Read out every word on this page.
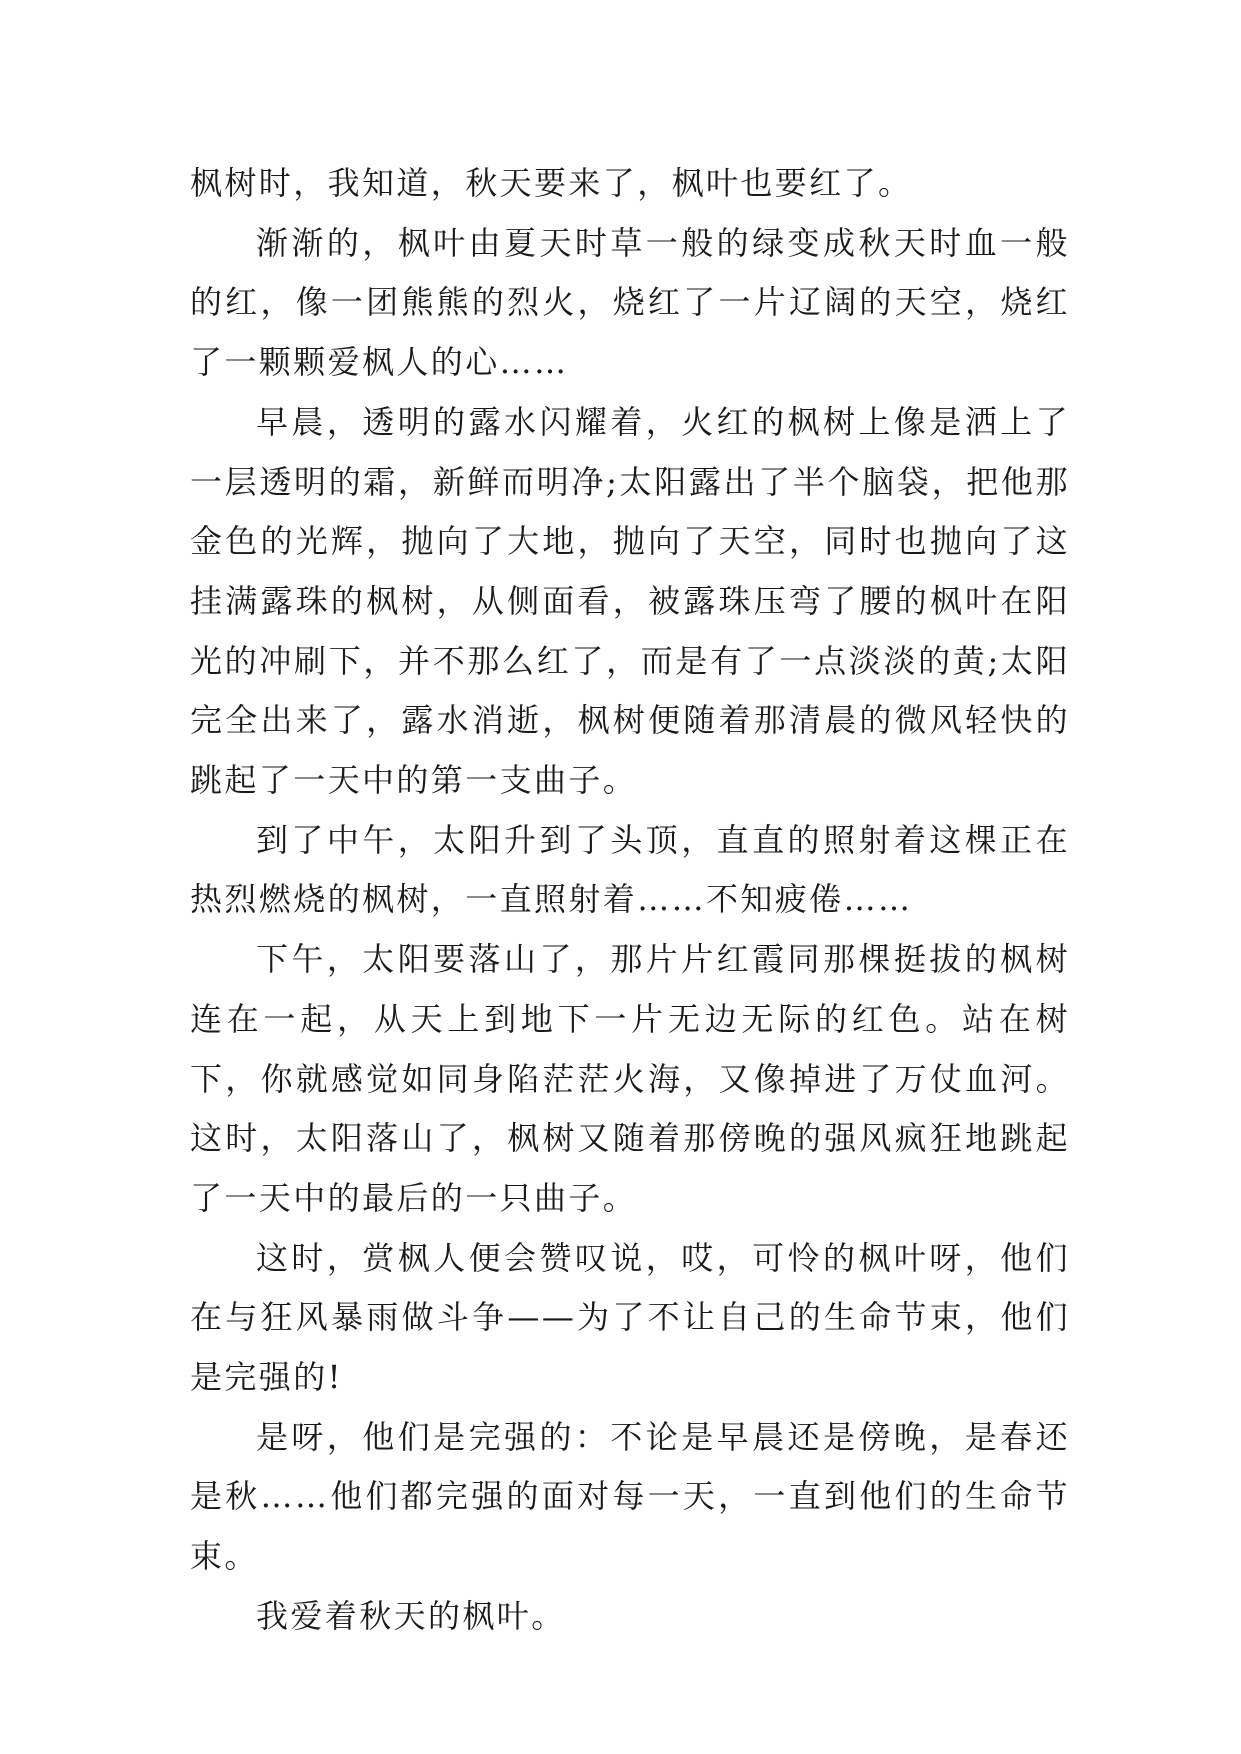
枫树时，我知道，秋天要来了，枫叶也要红了。

渐渐的，枫叶由夏天时草一般的绿变成秋天时血一般的红，像一团熊熊的烈火，烧红了一片辽阔的天空，烧红了一颗颗爱枫人的心……

早晨，透明的露水闪耀着，火红的枫树上像是洒上了一层透明的霜，新鲜而明净;太阳露出了半个脑袋，把他那金色的光辉，抛向了大地，抛向了天空，同时也抛向了这挂满露珠的枫树，从侧面看，被露珠压弯了腰的枫叶在阳光的冲刷下，并不那么红了，而是有了一点淡淡的黄;太阳完全出来了，露水消逝，枫树便随着那清晨的微风轻快的跳起了一天中的第一支曲子。

到了中午，太阳升到了头顶，直直的照射着这棵正在热烈燃烧的枫树，一直照射着……不知疲倦……

下午，太阳要落山了，那片片红霞同那棵挺拔的枫树连在一起，从天上到地下一片无边无际的红色。站在树下，你就感觉如同身陷茫茫火海，又像掉进了万仗血河。这时，太阳落山了，枫树又随着那傍晚的强风疯狂地跳起了一天中的最后的一只曲子。

这时，赏枫人便会赞叹说，哎，可怜的枫叶呀，他们在与狂风暴雨做斗争——为了不让自己的生命节束，他们是完强的!

是呀，他们是完强的：不论是早晨还是傍晚，是春还是秋……他们都完强的面对每一天，一直到他们的生命节束。

我爱着秋天的枫叶。
